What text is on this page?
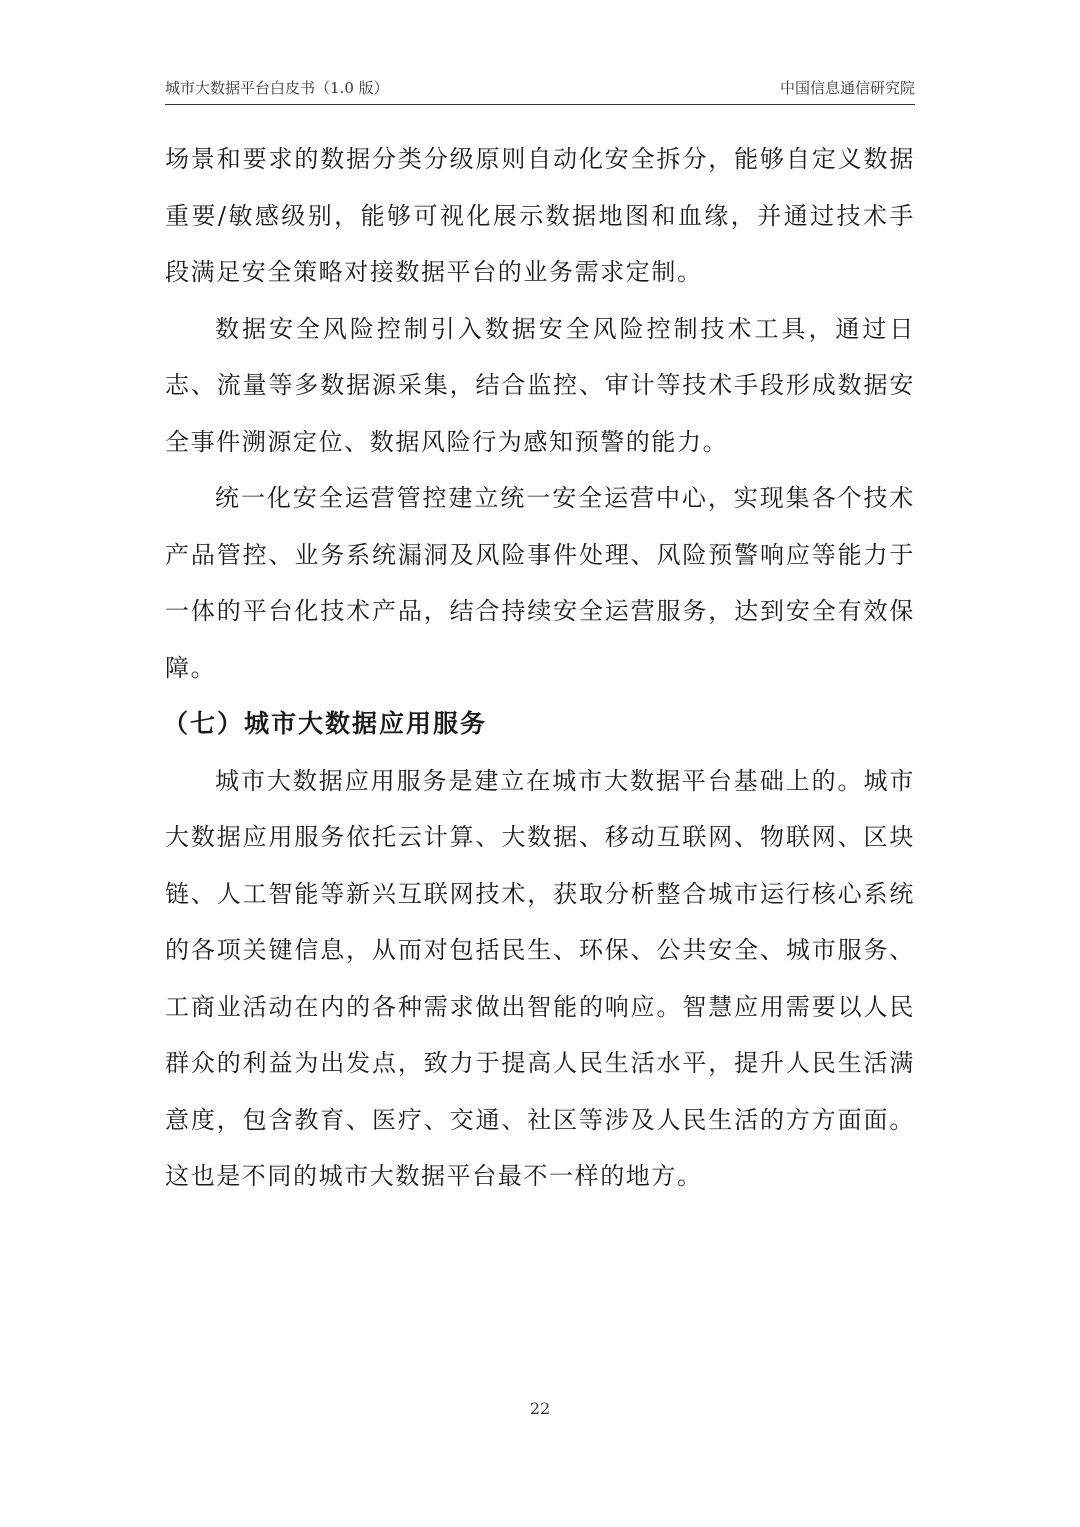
城市大数据平台白皮书（1.0 版）	中国信息通信研究院

场景和要求的数据分类分级原则自动化安全拆分，能够自定义数据重要/敏感级别，能够可视化展示数据地图和血缘，并通过技术手段满足安全策略对接数据平台的业务需求定制。

数据安全风险控制引入数据安全风险控制技术工具，通过日志、流量等多数据源采集，结合监控、审计等技术手段形成数据安全事件溯源定位、数据风险行为感知预警的能力。

统一化安全运营管控建立统一安全运营中心，实现集各个技术产品管控、业务系统漏洞及风险事件处理、风险预警响应等能力于一体的平台化技术产品，结合持续安全运营服务，达到安全有效保障。

（七）城市大数据应用服务

城市大数据应用服务是建立在城市大数据平台基础上的。城市大数据应用服务依托云计算、大数据、移动互联网、物联网、区块链、人工智能等新兴互联网技术，获取分析整合城市运行核心系统的各项关键信息，从而对包括民生、环保、公共安全、城市服务、工商业活动在内的各种需求做出智能的响应。智慧应用需要以人民群众的利益为出发点，致力于提高人民生活水平，提升人民生活满意度，包含教育、医疗、交通、社区等涉及人民生活的方方面面。这也是不同的城市大数据平台最不一样的地方。

22
